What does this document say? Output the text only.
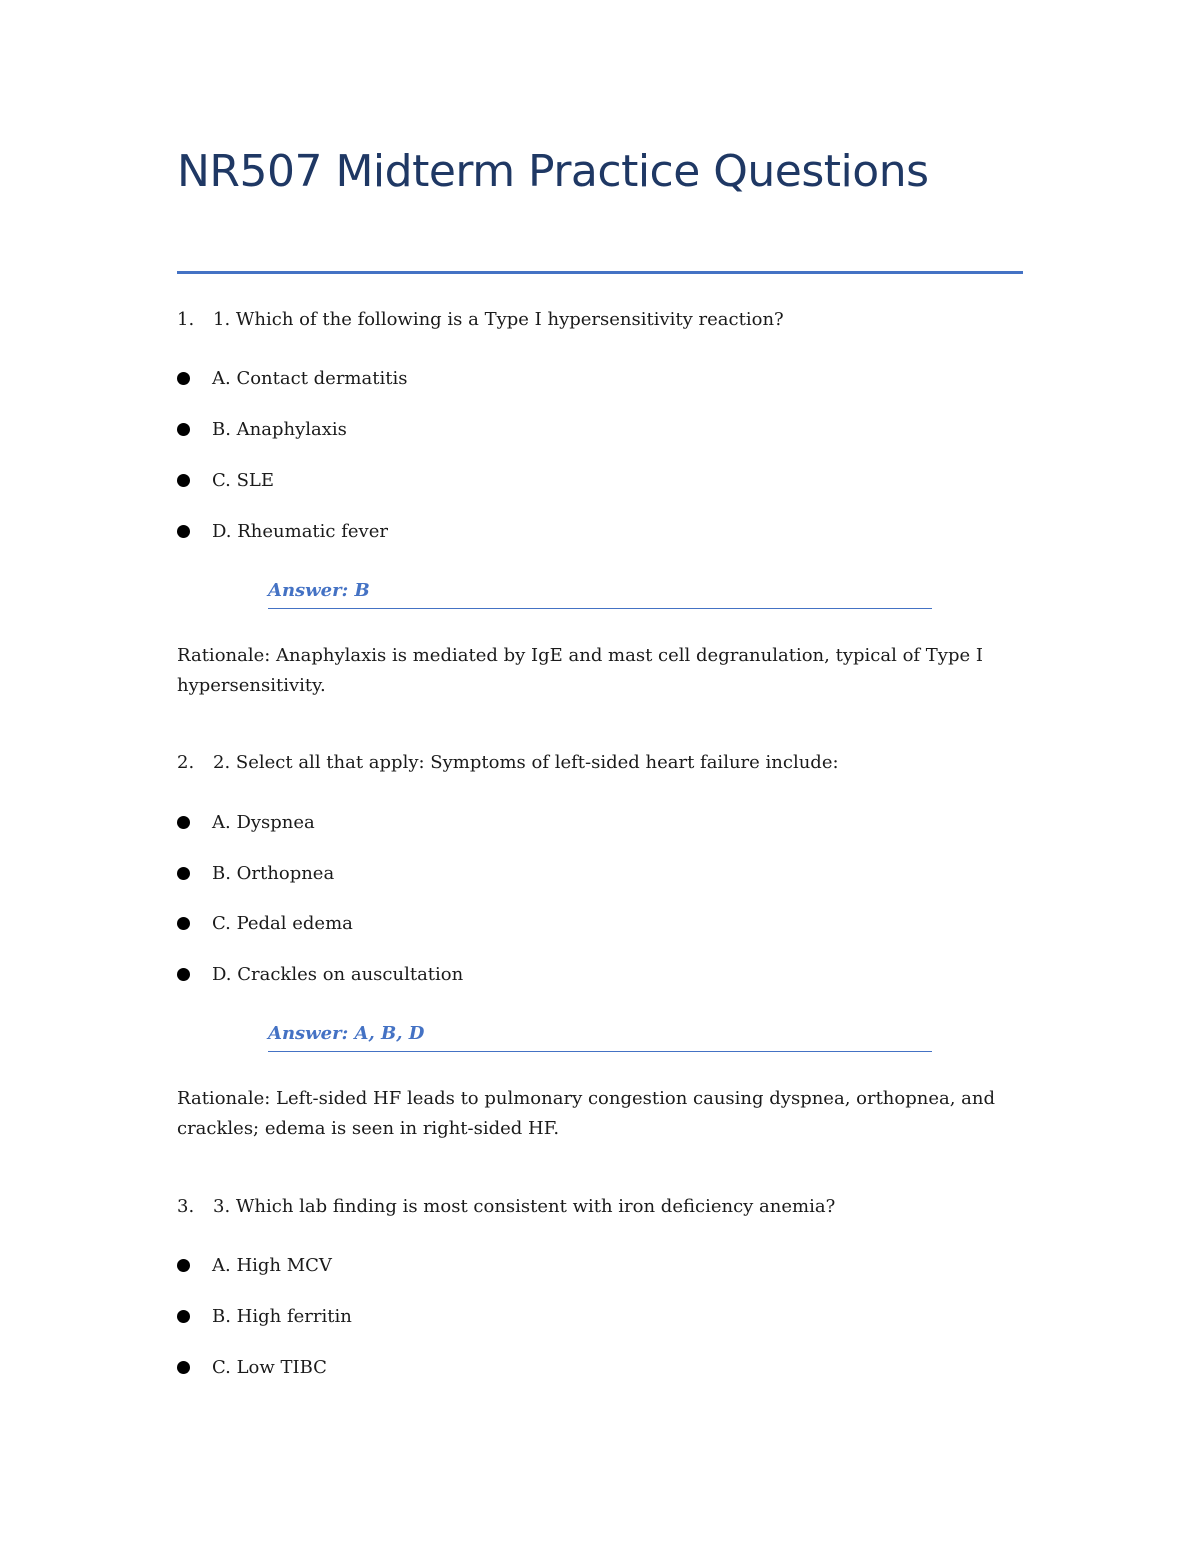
NR507 Midterm Practice Questions
1. 1. Which of the following is a Type I hypersensitivity reaction?
A. Contact dermatitis
B. Anaphylaxis
C. SLE
D. Rheumatic fever
Answer: B
Rationale: Anaphylaxis is mediated by IgE and mast cell degranulation, typical of Type I hypersensitivity.
2. 2. Select all that apply: Symptoms of left-sided heart failure include:
A. Dyspnea
B. Orthopnea
C. Pedal edema
D. Crackles on auscultation
Answer: A, B, D
Rationale: Left-sided HF leads to pulmonary congestion causing dyspnea, orthopnea, and crackles; edema is seen in right-sided HF.
3. 3. Which lab finding is most consistent with iron deficiency anemia?
A. High MCV
B. High ferritin
C. Low TIBC
